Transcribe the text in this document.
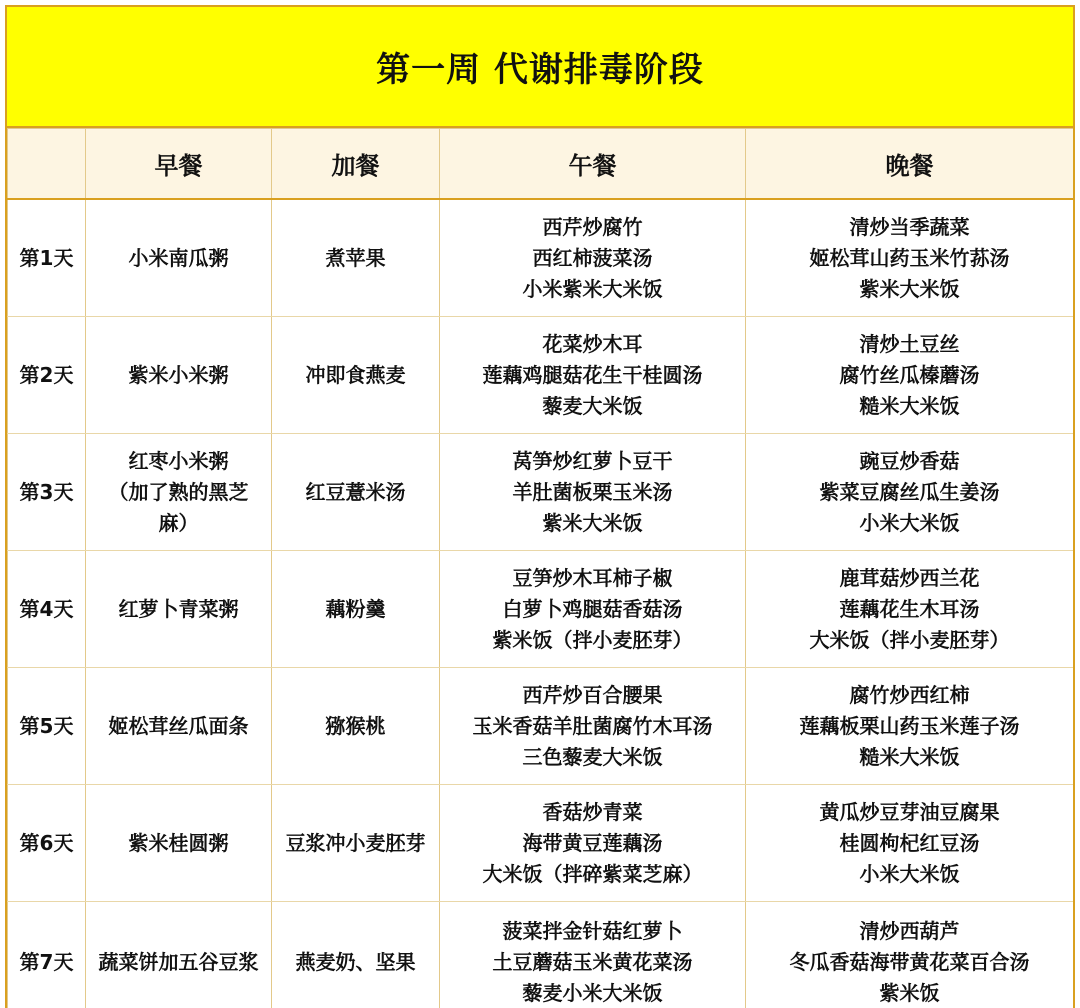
第一周 代谢排毒阶段
	早餐	加餐	午餐	晚餐
第1天	小米南瓜粥	煮苹果	西芹炒腐竹
西红柿菠菜汤
小米紫米大米饭	清炒当季蔬菜
姬松茸山药玉米竹荪汤
紫米大米饭

第2天	紫米小米粥	冲即食燕麦	花菜炒木耳
莲藕鸡腿菇花生干桂圆汤
藜麦大米饭	清炒土豆丝
腐竹丝瓜榛蘑汤
糙米大米饭

第3天	红枣小米粥
（加了熟的黑芝
麻）	红豆薏米汤	莴笋炒红萝卜豆干
羊肚菌板栗玉米汤
紫米大米饭	豌豆炒香菇
紫菜豆腐丝瓜生姜汤
小米大米饭

第4天	红萝卜青菜粥	藕粉羹	豆笋炒木耳柿子椒
白萝卜鸡腿菇香菇汤
紫米饭（拌小麦胚芽）	鹿茸菇炒西兰花
莲藕花生木耳汤
大米饭（拌小麦胚芽）

第5天	姬松茸丝瓜面条	猕猴桃	西芹炒百合腰果
玉米香菇羊肚菌腐竹木耳汤
三色藜麦大米饭	腐竹炒西红柿
莲藕板栗山药玉米莲子汤
糙米大米饭

第6天	紫米桂圆粥	豆浆冲小麦胚芽	香菇炒青菜
海带黄豆莲藕汤
大米饭（拌碎紫菜芝麻）	黄瓜炒豆芽油豆腐果
桂圆枸杞红豆汤
小米大米饭

第7天	蔬菜饼加五谷豆浆	燕麦奶、坚果	菠菜拌金针菇红萝卜
土豆蘑菇玉米黄花菜汤
藜麦小米大米饭	清炒西葫芦
冬瓜香菇海带黄花菜百合汤
紫米饭
